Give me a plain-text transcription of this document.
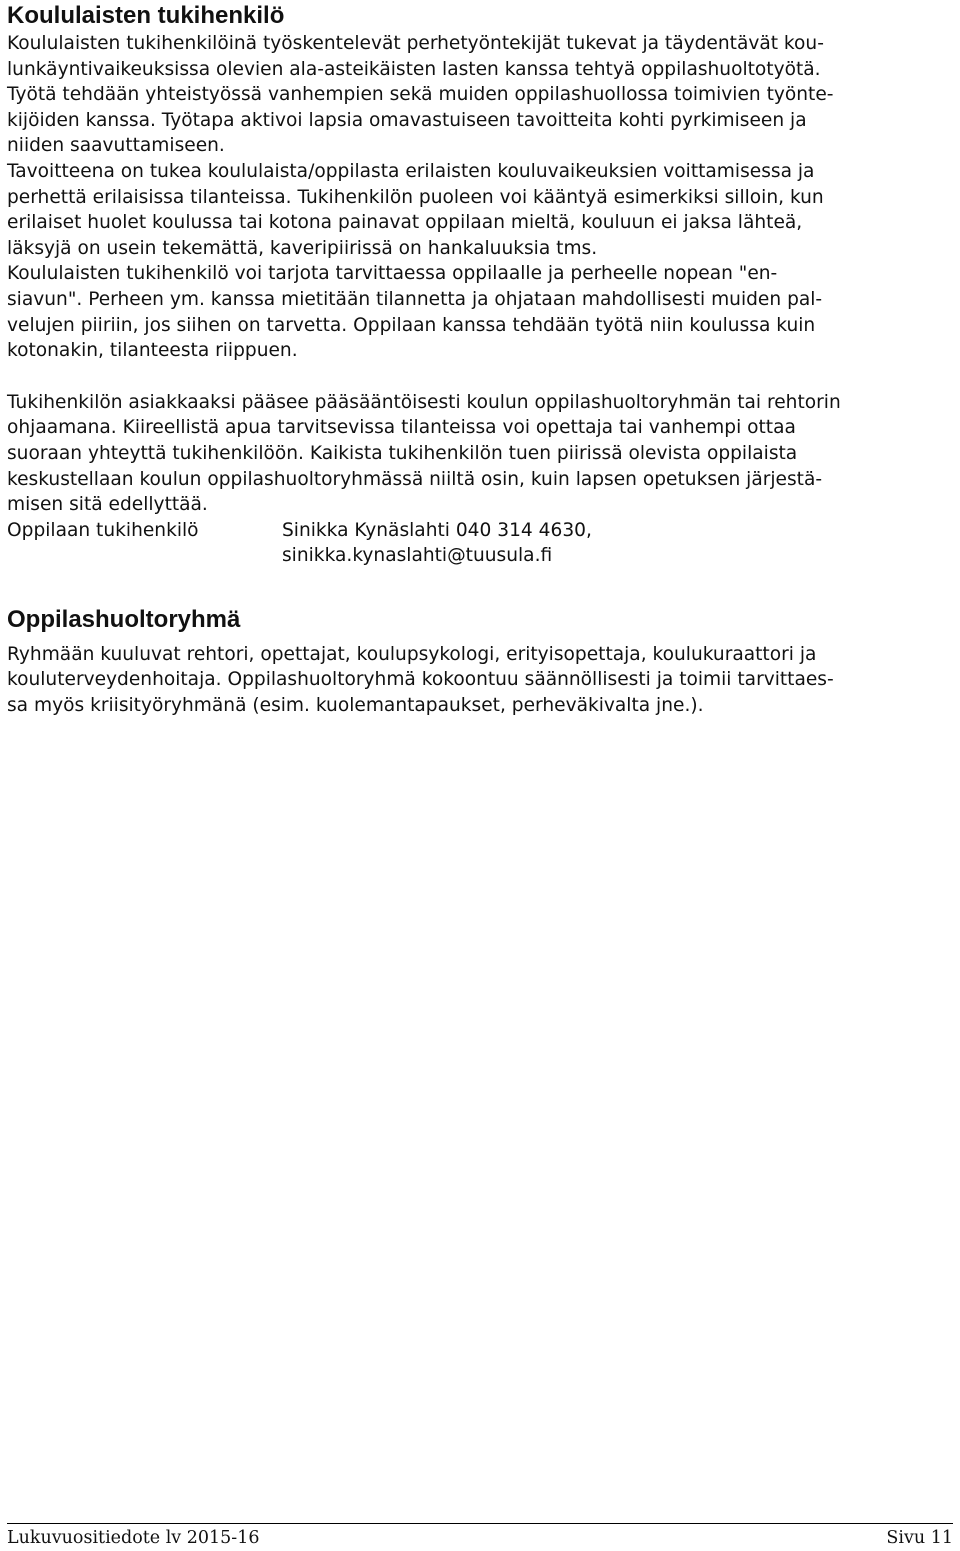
Koululaisten tukihenkilö
Koululaisten tukihenkilöinä työskentelevät perhetyöntekijät tukevat ja täydentävät kou-
lunkäyntivaikeuksissa olevien ala-asteikäisten lasten kanssa tehtyä oppilashuoltotyötä.
Työtä tehdään yhteistyössä vanhempien sekä muiden oppilashuollossa toimivien työnte-
kijöiden kanssa. Työtapa aktivoi lapsia omavastuiseen tavoitteita kohti pyrkimiseen ja
niiden saavuttamiseen.
Tavoitteena on tukea koululaista/oppilasta erilaisten kouluvaikeuksien voittamisessa ja
perhettä erilaisissa tilanteissa. Tukihenkilön puoleen voi kääntyä esimerkiksi silloin, kun
erilaiset huolet koulussa tai kotona painavat oppilaan mieltä, kouluun ei jaksa lähteä,
läksyjä on usein tekemättä, kaveripiirissä on hankaluuksia tms.
Koululaisten tukihenkilö voi tarjota tarvittaessa oppilaalle ja perheelle nopean "en-
siavun". Perheen ym. kanssa mietitään tilannetta ja ohjataan mahdollisesti muiden pal-
velujen piiriin, jos siihen on tarvetta. Oppilaan kanssa tehdään työtä niin koulussa kuin
kotonakin, tilanteesta riippuen.
Tukihenkilön asiakkaaksi pääsee pääsääntöisesti koulun oppilashuoltoryhmän tai rehtorin
ohjaamana. Kiireellistä apua tarvitsevissa tilanteissa voi opettaja tai vanhempi ottaa
suoraan yhteyttä tukihenkilöön. Kaikista tukihenkilön tuen piirissä olevista oppilaista
keskustellaan koulun oppilashuoltoryhmässä niiltä osin, kuin lapsen opetuksen järjestä-
misen sitä edellyttää.
Oppilaan tukihenkilö	Sinikka Kynäslahti 040 314 4630,
sinikka.kynaslahti@tuusula.fi
Oppilashuoltoryhmä
Ryhmään kuuluvat rehtori, opettajat, koulupsykologi, erityisopettaja, koulukuraattori ja
kouluterveydenhoitaja. Oppilashuoltoryhmä kokoontuu säännöllisesti ja toimii tarvittaes-
sa myös kriisityöryhmänä (esim. kuolemantapaukset, perheväkivalta jne.).
Lukuvuositiedote lv 2015-16	Sivu 11
